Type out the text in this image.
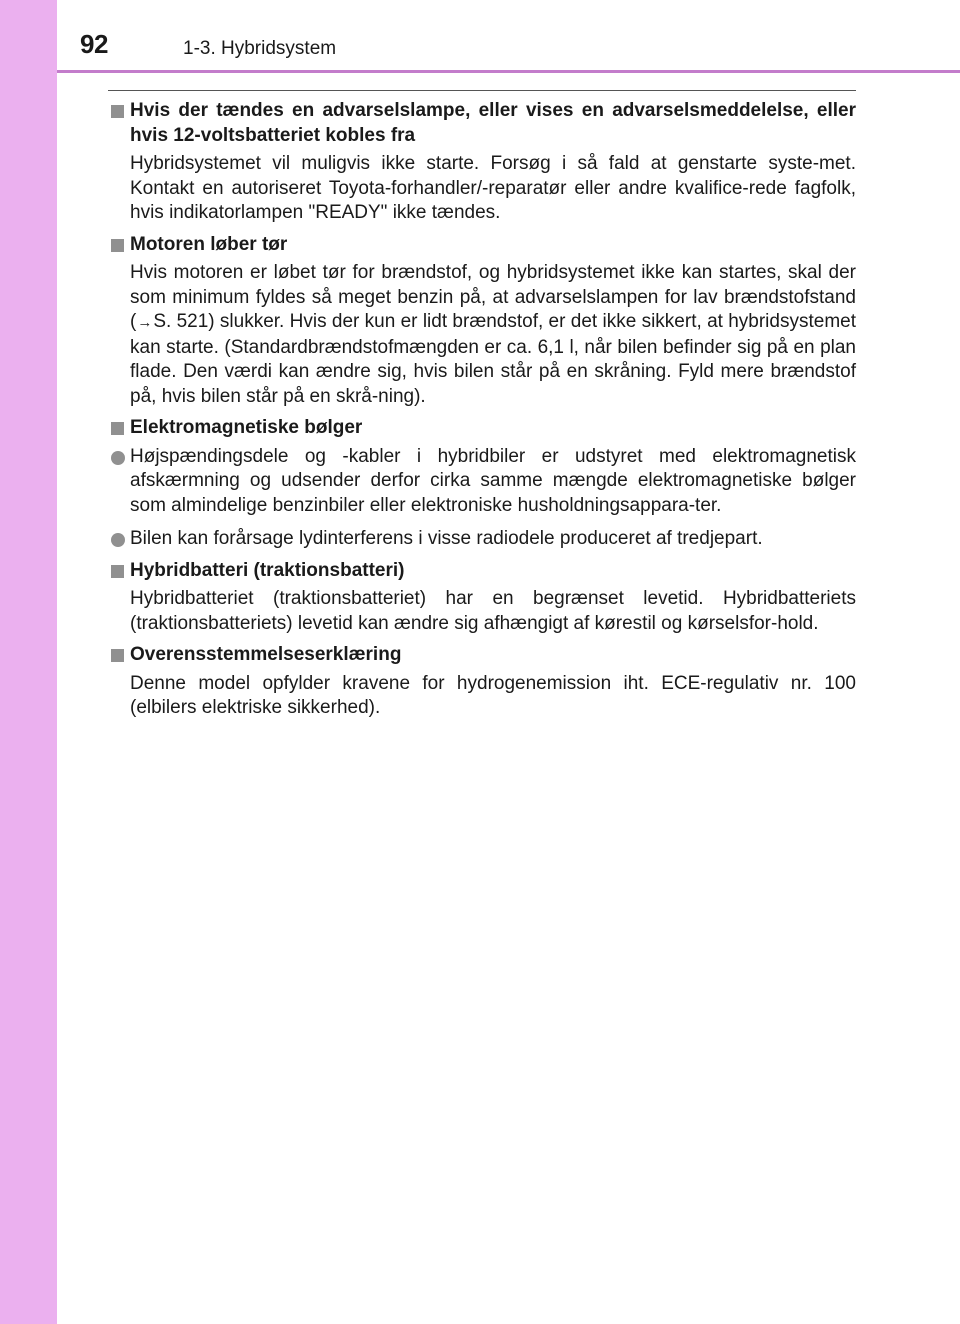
92	1-3. Hybridsystem
Hvis der tændes en advarselslampe, eller vises en advarselsmeddelelse, eller hvis 12-voltsbatteriet kobles fra
Hybridsystemet vil muligvis ikke starte. Forsøg i så fald at genstarte syste-met. Kontakt en autoriseret Toyota-forhandler/-reparatør eller andre kvalifice-rede fagfolk, hvis indikatorlampen "READY" ikke tændes.
Motoren løber tør
Hvis motoren er løbet tør for brændstof, og hybridsystemet ikke kan startes, skal der som minimum fyldes så meget benzin på, at advarselslampen for lav brændstofstand (→S. 521) slukker. Hvis der kun er lidt brændstof, er det ikke sikkert, at hybridsystemet kan starte. (Standardbrændstofmængden er ca. 6,1 l, når bilen befinder sig på en plan flade. Den værdi kan ændre sig, hvis bilen står på en skråning. Fyld mere brændstof på, hvis bilen står på en skrå-ning).
Elektromagnetiske bølger
Højspændingsdele og -kabler i hybridbiler er udstyret med elektromagnetisk afskærmning og udsender derfor cirka samme mængde elektromagnetiske bølger som almindelige benzinbiler eller elektroniske husholdningsappara-ter.
Bilen kan forårsage lydinterferens i visse radiodele produceret af tredjepart.
Hybridbatteri (traktionsbatteri)
Hybridbatteriet (traktionsbatteriet) har en begrænset levetid. Hybridbatteriets (traktionsbatteriets) levetid kan ændre sig afhængigt af kørestil og kørselsfor-hold.
Overensstemmelseserklæring
Denne model opfylder kravene for hydrogenemission iht. ECE-regulativ nr. 100 (elbilers elektriske sikkerhed).
